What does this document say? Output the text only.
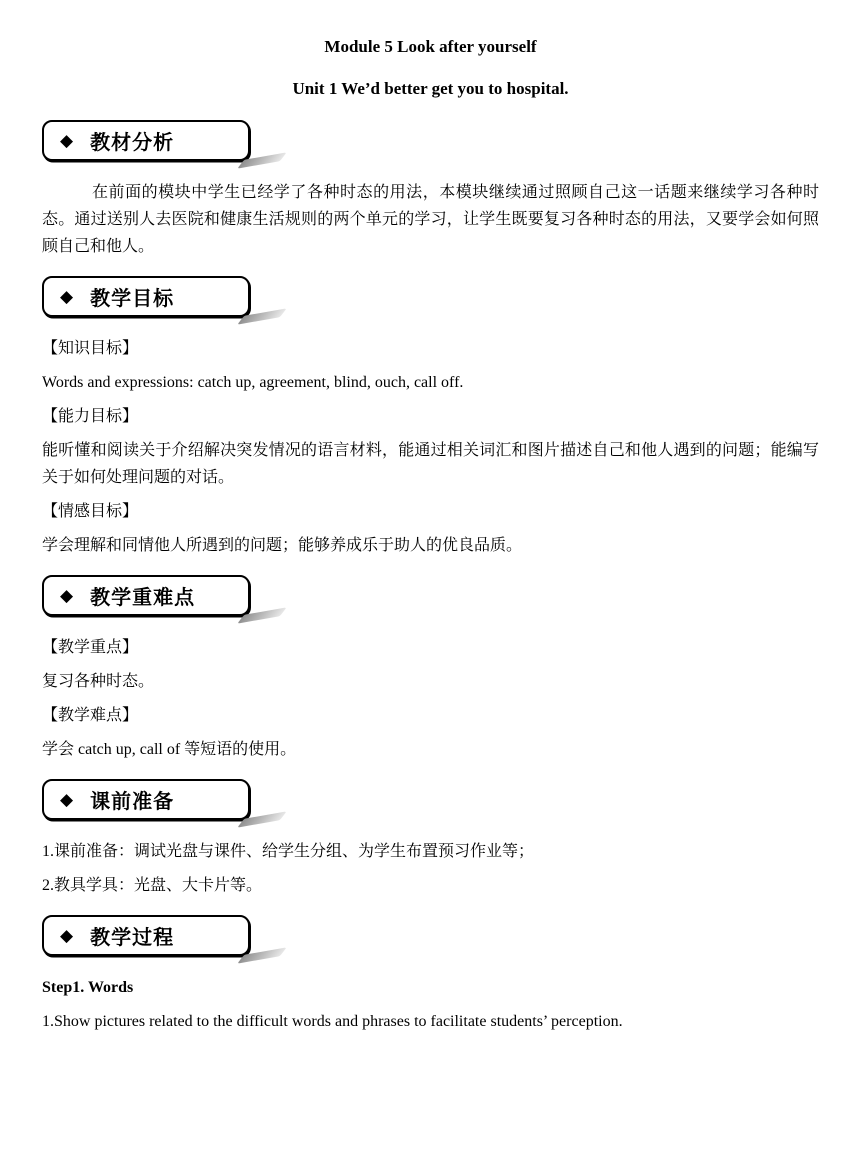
Module 5 Look after yourself
Unit 1 We’d better get you to hospital.
◆ 教材分析

在前面的模块中学生已经学了各种时态的用法，本模块继续通过照顾自己这一话题来继续学习各种时态。通过送别人去医院和健康生活规则的两个单元的学习，让学生既要复习各种时态的用法，又要学会如何照顾自己和他人。

◆ 教学目标

【知识目标】

Words and expressions: catch up, agreement, blind, ouch, call off.

【能力目标】

能听懂和阅读关于介绍解决突发情况的语言材料，能通过相关词汇和图片描述自己和他人遇到的问题；能编写关于如何处理问题的对话。

【情感目标】

学会理解和同情他人所遇到的问题；能够养成乐于助人的优良品质。

◆ 教学重难点

【教学重点】

复习各种时态。

【教学难点】

学会 catch up, call of 等短语的使用。

◆ 课前准备

1.课前准备：调试光盘与课件、给学生分组、为学生布置预习作业等；

2.教具学具：光盘、大卡片等。

◆ 教学过程

Step1. Words

1.Show pictures related to the difficult words and phrases to facilitate students’ perception.
